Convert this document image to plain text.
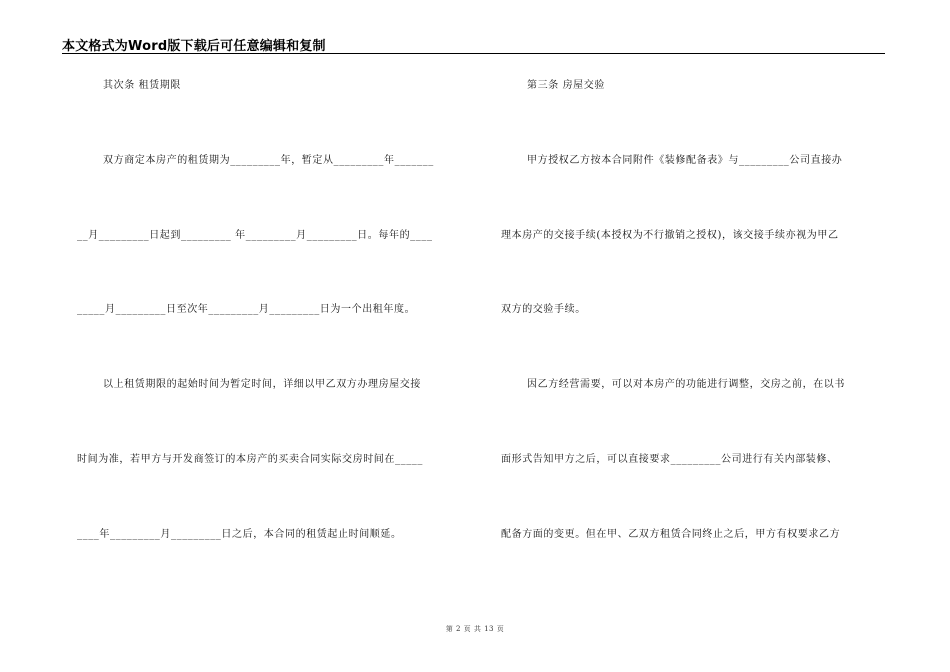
本文格式为Word版下载后可任意编辑和复制
其次条 租赁期限
双方商定本房产的租赁期为_________年，暂定从_________年_______
__月_________日起到_________ 年_________月_________日。每年的____
_____月_________日至次年_________月_________日为一个出租年度。
以上租赁期限的起始时间为暂定时间，详细以甲乙双方办理房屋交接
时间为准，若甲方与开发商签订的本房产的买卖合同实际交房时间在_____
____年_________月_________日之后，本合同的租赁起止时间顺延。
第三条 房屋交验
甲方授权乙方按本合同附件《装修配备表》与_________公司直接办
理本房产的交接手续(本授权为不行撤销之授权)，该交接手续亦视为甲乙
双方的交验手续。
因乙方经营需要，可以对本房产的功能进行调整，交房之前，在以书
面形式告知甲方之后，可以直接要求_________公司进行有关内部装修、
配备方面的变更。但在甲、乙双方租赁合同终止之后，甲方有权要求乙方
第 2 页 共 13 页
